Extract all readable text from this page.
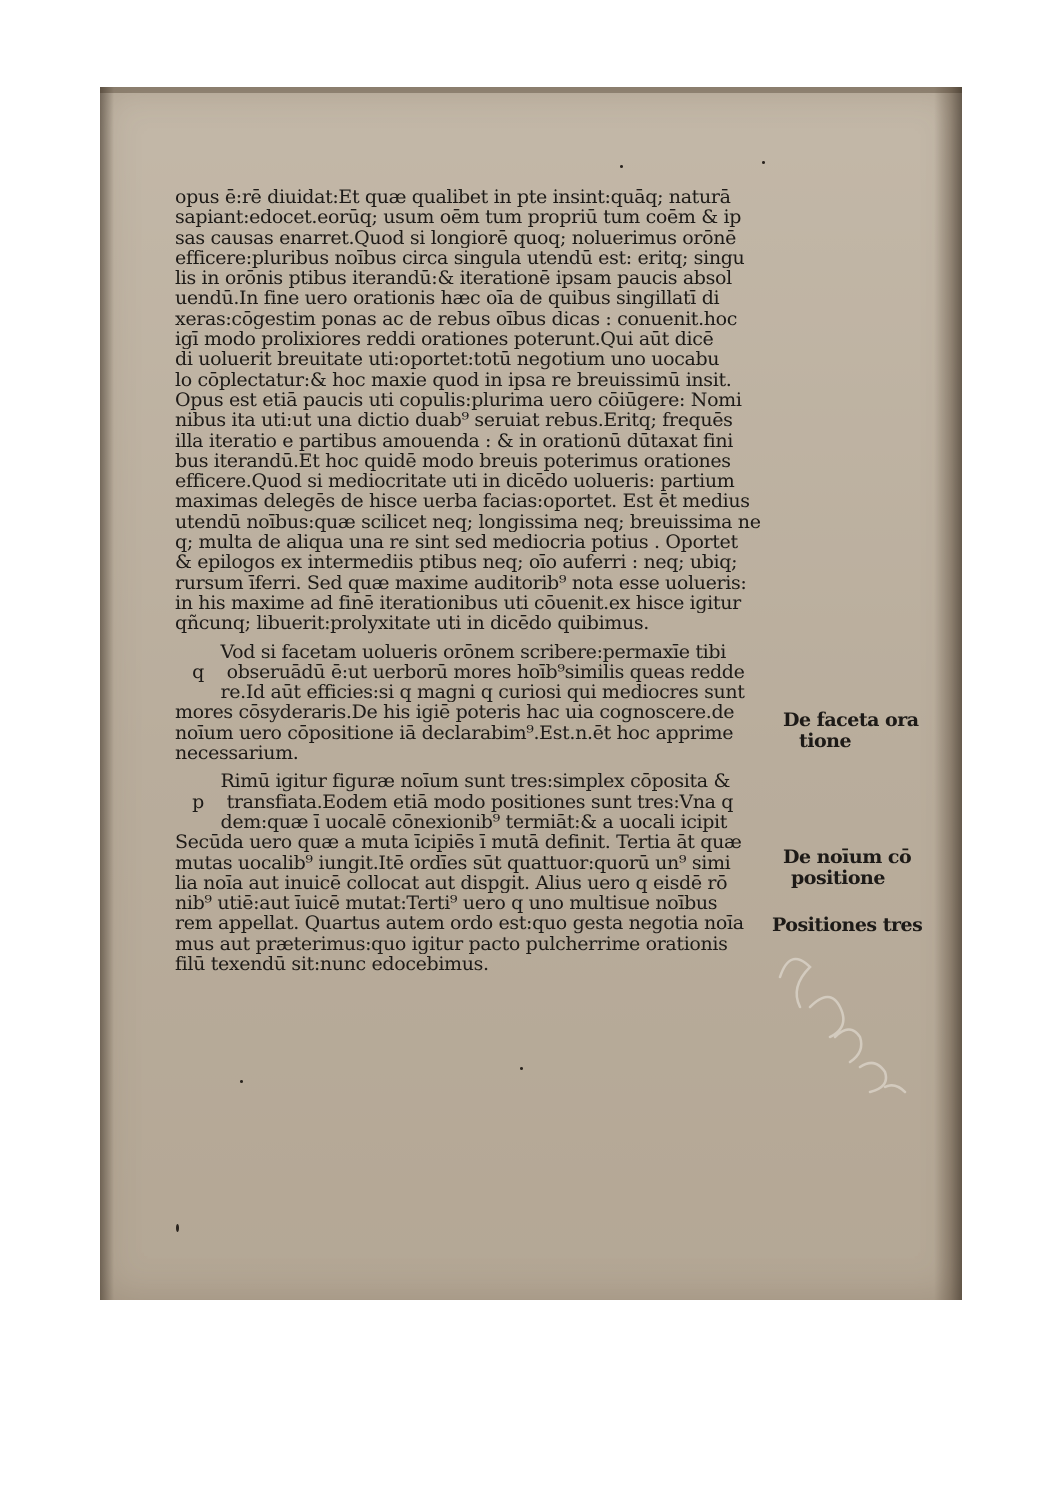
opus ē:rē diuidat:Et quæ qualibet in pte insint:quāq; naturā
sapiant:edocet.eorūq; usum oēm tum propriū tum coēm & ip
sas causas enarret.Quod si longiorē quoq; noluerimus orōnē
efficere:pluribus noībus circa singula utendū est: eritq; singu
lis in orōnis ptibus iterandū:& iterationē ipsam paucis absol
uendū.In fine uero orationis hæc oīa de quibus singillatī di
xeras:cōgestim ponas ac de rebus oībus dicas : conuenit.hoc
igī modo prolixiores reddi orationes poterunt.Qui aūt dicē
di uoluerit breuitate uti:oportet:totū negotium uno uocabu
lo cōplectatur:& hoc maxie quod in ipsa re breuissimū insit.
Opus est etiā paucis uti copulis:plurima uero cōiūgere: Nomi
nibus ita uti:ut una dictio duab⁹ seruiat rebus.Eritq; frequēs
illa iteratio e partibus amouenda : & in orationū dūtaxat fini
bus iterandū.Et hoc quidē modo breuis poterimus orationes
efficere.Quod si mediocritate uti in dicēdo uolueris: partium
maximas delegēs de hisce uerba facias:oportet. Est ēt medius
utendū noībus:quæ scilicet neq; longissima neq; breuissima ne
q; multa de aliqua una re sint sed mediocria potius . Oportet
& epilogos ex intermediis ptibus neq; oīo auferri : neq; ubiq;
rursum īferri. Sed quæ maxime auditorib⁹ nota esse uolueris:
in his maxime ad finē iterationibus uti cōuenit.ex hisce igitur
qñcunq; libuerit:prolyxitate uti in dicēdo quibimus.
Vod si facetam uolueris orōnem scribere:permaxīe tibi
q    obseruādū ē:ut uerborū mores hoīb⁹similis queas redde
re.Id aūt efficies:si q magni q curiosi qui mediocres sunt
mores cōsyderaris.De his igiē poteris hac uia cognoscere.de
noīum uero cōpositione iā declarabim⁹.Est.n.ēt hoc apprime
necessarium.
Rimū igitur figuræ noīum sunt tres:simplex cōposita &
p    transfiata.Eodem etiā modo positiones sunt tres:Vna q
dem:quæ ī uocalē cōnexionib⁹ termiāt:& a uocali icipit
Secūda uero quæ a muta īcipiēs ī mutā definit. Tertia āt quæ
mutas uocalib⁹ iungit.Itē ordīes sūt quattuor:quorū un⁹ simi
lia noīa aut inuicē collocat aut dispgit. Alius uero q eisdē rō
nib⁹ utiē:aut īuicē mutat:Terti⁹ uero q uno multisue noībus
rem appellat. Quartus autem ordo est:quo gesta negotia noīa
mus aut præterimus:quo igitur pacto pulcherrime orationis
filū texendū sit:nunc edocebimus.
De faceta ora
tione
De noīum cō
positione
Positiones tres
